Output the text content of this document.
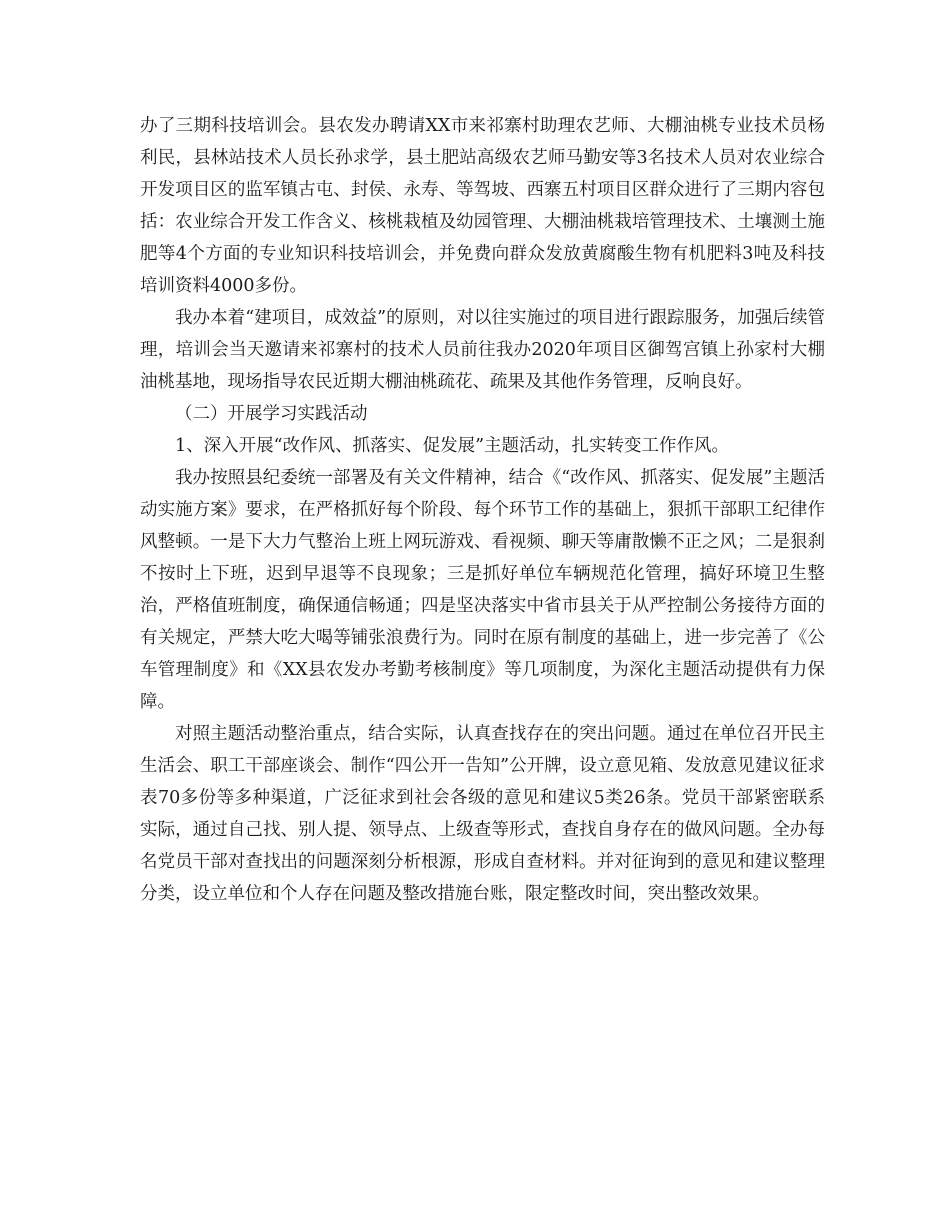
办了三期科技培训会。县农发办聘请XX市来祁寨村助理农艺师、大棚油桃专业技术员杨利民，县林站技术人员长孙求学，县土肥站高级农艺师马勤安等3名技术人员对农业综合开发项目区的监军镇古屯、封侯、永寿、等驾坡、西寨五村项目区群众进行了三期内容包括：农业综合开发工作含义、核桃栽植及幼园管理、大棚油桃栽培管理技术、土壤测土施肥等4个方面的专业知识科技培训会，并免费向群众发放黄腐酸生物有机肥料3吨及科技培训资料4000多份。

我办本着“建项目，成效益”的原则，对以往实施过的项目进行跟踪服务，加强后续管理，培训会当天邀请来祁寨村的技术人员前往我办2020年项目区御驾宫镇上孙家村大棚油桃基地，现场指导农民近期大棚油桃疏花、疏果及其他作务管理，反响良好。

（二）开展学习实践活动

1、深入开展“改作风、抓落实、促发展”主题活动，扎实转变工作作风。

我办按照县纪委统一部署及有关文件精神，结合《“改作风、抓落实、促发展”主题活动实施方案》要求，在严格抓好每个阶段、每个环节工作的基础上，狠抓干部职工纪律作风整顿。一是下大力气整治上班上网玩游戏、看视频、聊天等庸散懒不正之风；二是狠刹不按时上下班，迟到早退等不良现象；三是抓好单位车辆规范化管理，搞好环境卫生整治，严格值班制度，确保通信畅通；四是坚决落实中省市县关于从严控制公务接待方面的有关规定，严禁大吃大喝等铺张浪费行为。同时在原有制度的基础上，进一步完善了《公车管理制度》和《XX县农发办考勤考核制度》等几项制度，为深化主题活动提供有力保障。

对照主题活动整治重点，结合实际，认真查找存在的突出问题。通过在单位召开民主生活会、职工干部座谈会、制作“四公开一告知”公开牌，设立意见箱、发放意见建议征求表70多份等多种渠道，广泛征求到社会各级的意见和建议5类26条。党员干部紧密联系实际，通过自己找、别人提、领导点、上级查等形式，查找自身存在的做风问题。全办每名党员干部对查找出的问题深刻分析根源，形成自查材料。并对征询到的意见和建议整理分类，设立单位和个人存在问题及整改措施台账，限定整改时间，突出整改效果。
